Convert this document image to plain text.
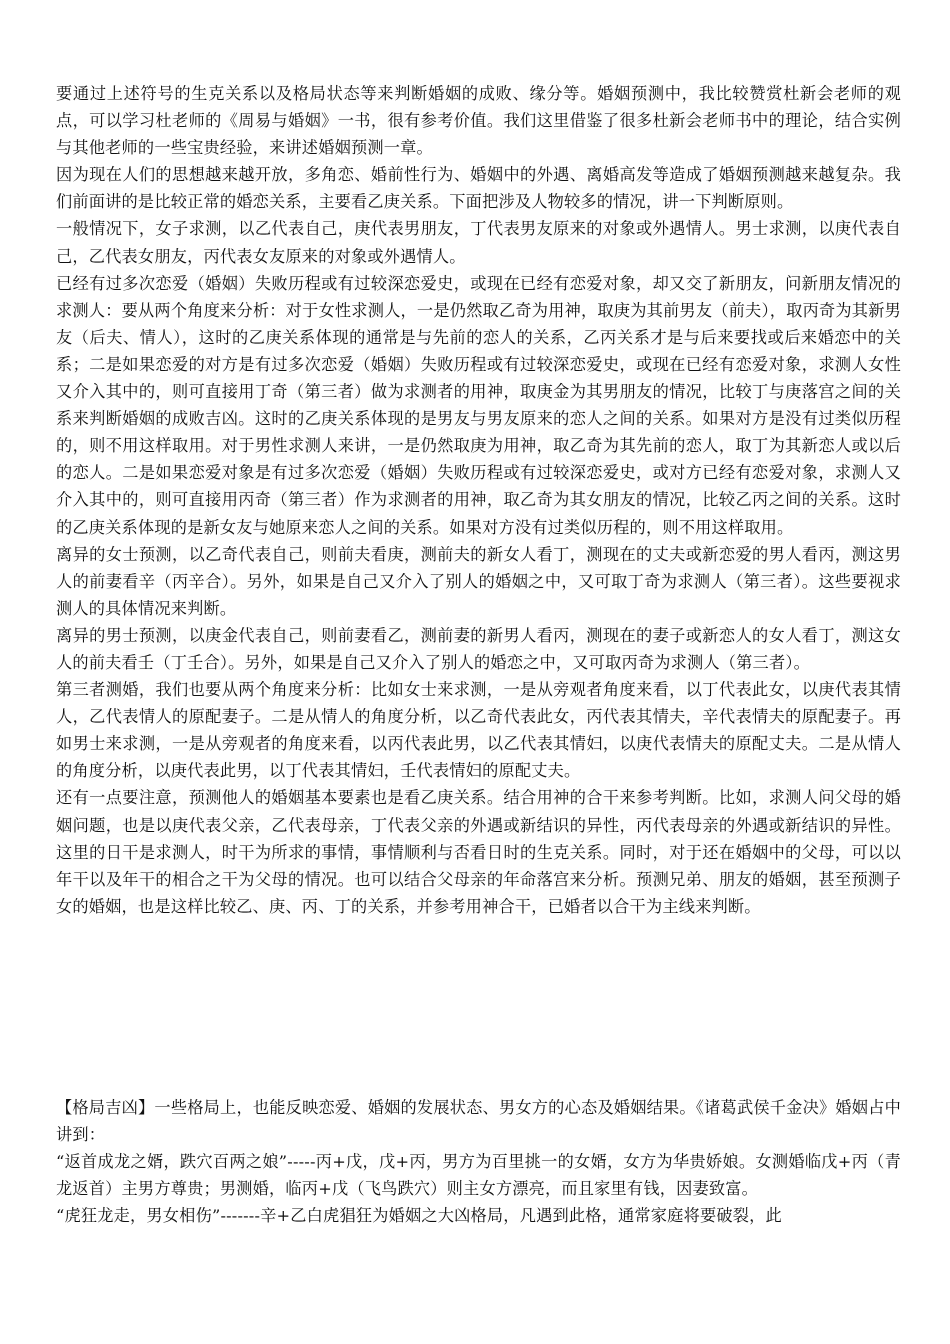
要通过上述符号的生克关系以及格局状态等来判断婚姻的成败、缘分等。婚姻预测中，我比较赞赏杜新会老师的观点，可以学习杜老师的《周易与婚姻》一书，很有参考价值。我们这里借鉴了很多杜新会老师书中的理论，结合实例与其他老师的一些宝贵经验，来讲述婚姻预测一章。

因为现在人们的思想越来越开放，多角恋、婚前性行为、婚姻中的外遇、离婚高发等造成了婚姻预测越来越复杂。我们前面讲的是比较正常的婚恋关系，主要看乙庚关系。下面把涉及人物较多的情况，讲一下判断原则。

一般情况下，女子求测，以乙代表自己，庚代表男朋友，丁代表男友原来的对象或外遇情人。男士求测，以庚代表自己，乙代表女朋友，丙代表女友原来的对象或外遇情人。

已经有过多次恋爱（婚姻）失败历程或有过较深恋爱史，或现在已经有恋爱对象，却又交了新朋友，问新朋友情况的求测人：要从两个角度来分析：对于女性求测人，一是仍然取乙奇为用神，取庚为其前男友（前夫），取丙奇为其新男友（后夫、情人），这时的乙庚关系体现的通常是与先前的恋人的关系，乙丙关系才是与后来要找或后来婚恋中的关系；二是如果恋爱的对方是有过多次恋爱（婚姻）失败历程或有过较深恋爱史，或现在已经有恋爱对象，求测人女性又介入其中的，则可直接用丁奇（第三者）做为求测者的用神，取庚金为其男朋友的情况，比较丁与庚落宫之间的关系来判断婚姻的成败吉凶。这时的乙庚关系体现的是男友与男友原来的恋人之间的关系。如果对方是没有过类似历程的，则不用这样取用。对于男性求测人来讲，一是仍然取庚为用神，取乙奇为其先前的恋人，取丁为其新恋人或以后的恋人。二是如果恋爱对象是有过多次恋爱（婚姻）失败历程或有过较深恋爱史，或对方已经有恋爱对象，求测人又介入其中的，则可直接用丙奇（第三者）作为求测者的用神，取乙奇为其女朋友的情况，比较乙丙之间的关系。这时的乙庚关系体现的是新女友与她原来恋人之间的关系。如果对方没有过类似历程的，则不用这样取用。

离异的女士预测，以乙奇代表自己，则前夫看庚，测前夫的新女人看丁，测现在的丈夫或新恋爱的男人看丙，测这男人的前妻看辛（丙辛合）。另外，如果是自己又介入了别人的婚姻之中，又可取丁奇为求测人（第三者）。这些要视求测人的具体情况来判断。

离异的男士预测，以庚金代表自己，则前妻看乙，测前妻的新男人看丙，测现在的妻子或新恋人的女人看丁，测这女人的前夫看壬（丁壬合）。另外，如果是自己又介入了别人的婚恋之中，又可取丙奇为求测人（第三者）。

第三者测婚，我们也要从两个角度来分析：比如女士来求测，一是从旁观者角度来看，以丁代表此女，以庚代表其情人，乙代表情人的原配妻子。二是从情人的角度分析，以乙奇代表此女，丙代表其情夫，辛代表情夫的原配妻子。再如男士来求测，一是从旁观者的角度来看，以丙代表此男，以乙代表其情妇，以庚代表情夫的原配丈夫。二是从情人的角度分析，以庚代表此男，以丁代表其情妇，壬代表情妇的原配丈夫。

还有一点要注意，预测他人的婚姻基本要素也是看乙庚关系。结合用神的合干来参考判断。比如，求测人问父母的婚姻问题，也是以庚代表父亲，乙代表母亲，丁代表父亲的外遇或新结识的异性，丙代表母亲的外遇或新结识的异性。这里的日干是求测人，时干为所求的事情，事情顺利与否看日时的生克关系。同时，对于还在婚姻中的父母，可以以年干以及年干的相合之干为父母的情况。也可以结合父母亲的年命落宫来分析。预测兄弟、朋友的婚姻，甚至预测子女的婚姻，也是这样比较乙、庚、丙、丁的关系，并参考用神合干，已婚者以合干为主线来判断。

【格局吉凶】一些格局上，也能反映恋爱、婚姻的发展状态、男女方的心态及婚姻结果。《诸葛武侯千金决》婚姻占中讲到：

“返首成龙之婿，跌穴百两之娘”-----丙+戊，戊+丙，男方为百里挑一的女婿，女方为华贵娇娘。女测婚临戊+丙（青龙返首）主男方尊贵；男测婚，临丙+戊（飞鸟跌穴）则主女方漂亮，而且家里有钱，因妻致富。

“虎狂龙走，男女相伤”-------辛+乙白虎猖狂为婚姻之大凶格局，凡遇到此格，通常家庭将要破裂，此
